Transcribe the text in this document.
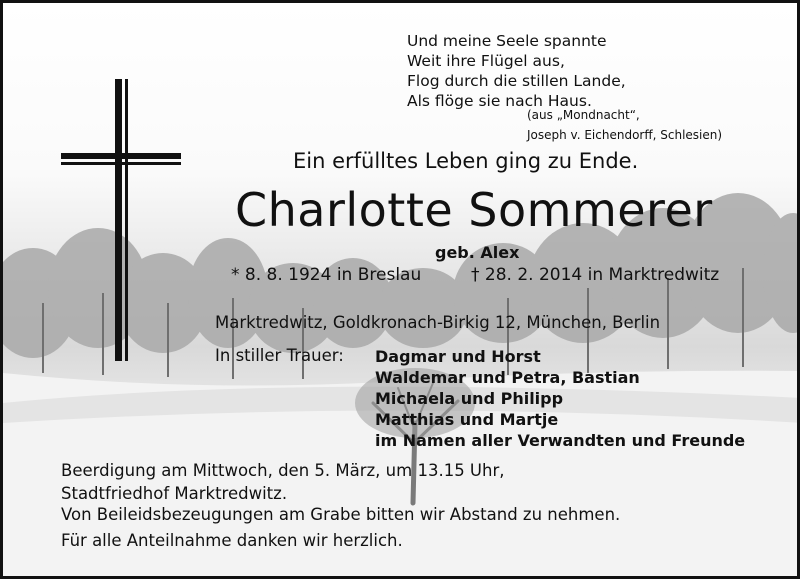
Und meine Seele spannte
Weit ihre Flügel aus,
Flog durch die stillen Lande,
Als flöge sie nach Haus.
(aus „Mondnacht“,
Joseph v. Eichendorff, Schlesien)

Ein erfülltes Leben ging zu Ende.

Charlotte Sommerer

geb. Alex

* 8. 8. 1924 in Breslau	† 28. 2. 2014 in Marktredwitz

Marktredwitz, Goldkronach-Birkig 12, München, Berlin

In stiller Trauer: Dagmar und Horst
Waldemar und Petra, Bastian
Michaela und Philipp
Matthias und Martje
im Namen aller Verwandten und Freunde
Beerdigung am Mittwoch, den 5. März, um 13.15 Uhr,
Stadtfriedhof Marktredwitz.

Von Beileidsbezeugungen am Grabe bitten wir Abstand zu nehmen.

Für alle Anteilnahme danken wir herzlich.
